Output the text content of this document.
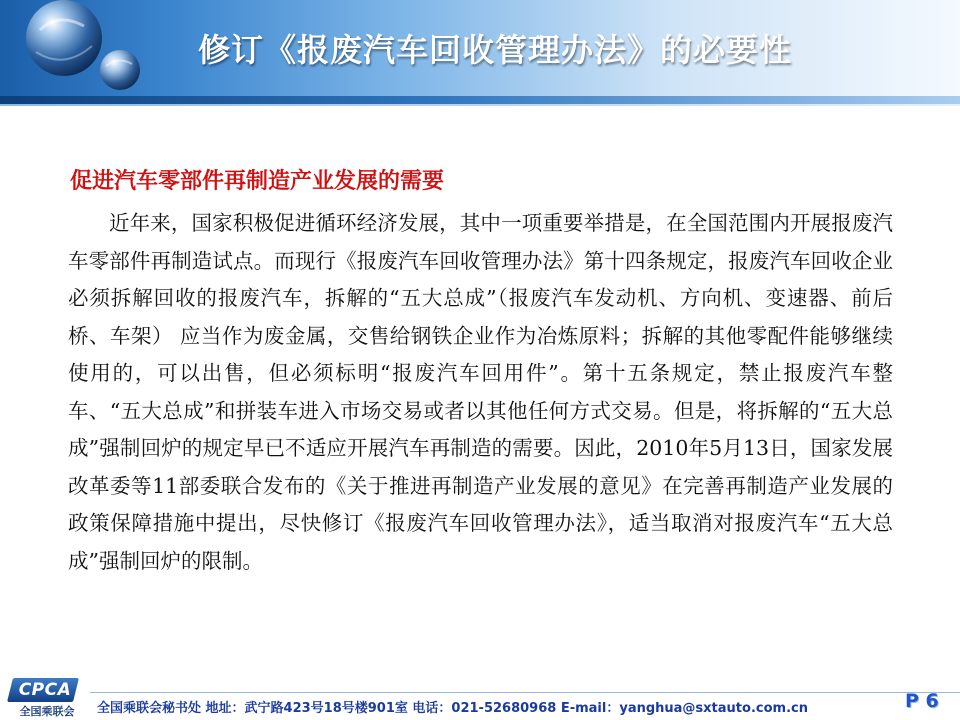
修订《报废汽车回收管理办法》的必要性
促进汽车零部件再制造产业发展的需要

近年来，国家积极促进循环经济发展，其中一项重要举措是，在全国范围内开展报废汽车零部件再制造试点。而现行《报废汽车回收管理办法》第十四条规定，报废汽车回收企业必须拆解回收的报废汽车，拆解的“五大总成”（报废汽车发动机、方向机、变速器、前后桥、车架） 应当作为废金属，交售给钢铁企业作为冶炼原料；拆解的其他零配件能够继续使用的，可以出售，但必须标明“报废汽车回用件”。第十五条规定，禁止报废汽车整车、“五大总成”和拼装车进入市场交易或者以其他任何方式交易。但是，将拆解的“五大总成”强制回炉的规定早已不适应开展汽车再制造的需要。因此，2010年5月13日，国家发展改革委等11部委联合发布的《关于推进再制造产业发展的意见》在完善再制造产业发展的政策保障措施中提出，尽快修订《报废汽车回收管理办法》，适当取消对报废汽车“五大总成”强制回炉的限制。

CPCA
全国乘联会	全国乘联会秘书处 地址：武宁路423号18号楼901室 电话：021-52680968 E-mail：yanghua@sxtauto.com.cn	P 6
